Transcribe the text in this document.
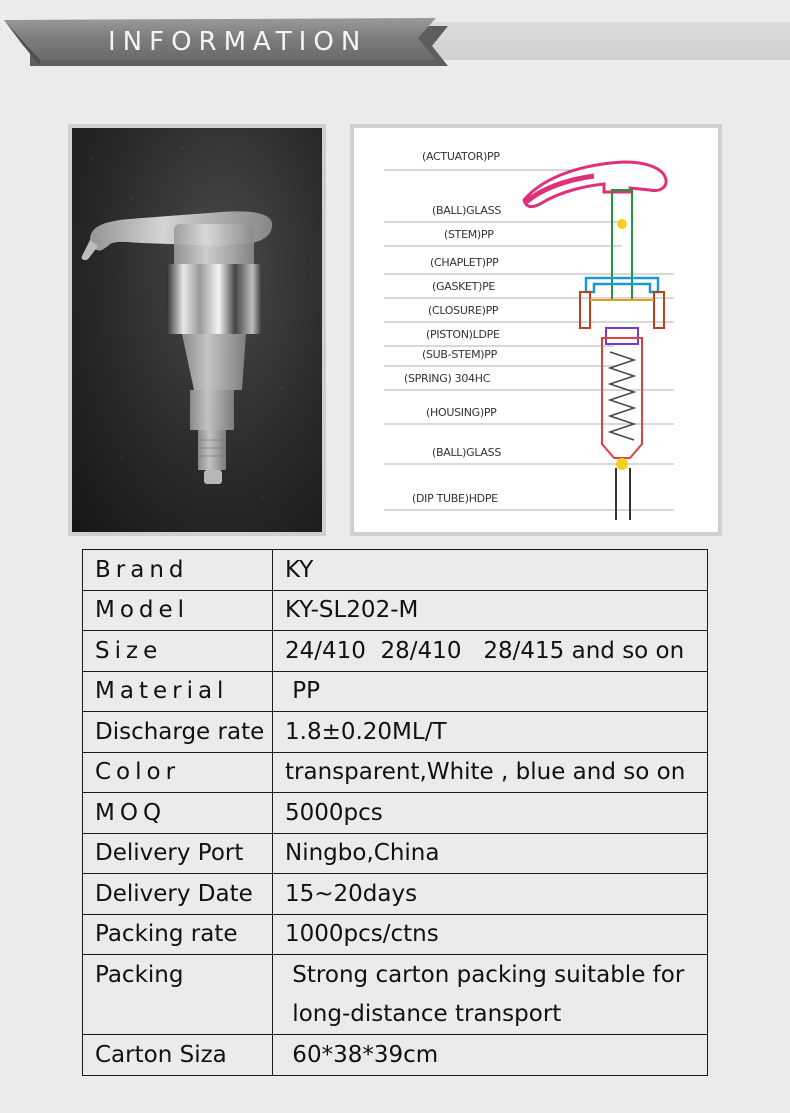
INFORMATION
(ACTUATOR)PP
(BALL)GLASS
(STEM)PP
(CHAPLET)PP
(GASKET)PE
(CLOSURE)PP
(PISTON)LDPE
(SUB-STEM)PP
(SPRING) 304HC
(HOUSING)PP
(BALL)GLASS
(DIP TUBE)HDPE
Brand	KY
Model	KY-SL202-M
Size	24/410  28/410   28/415 and so on
Material	PP
Discharge rate	1.8±0.20ML/T
Color	transparent,White , blue and so on
MOQ	5000pcs
Delivery Port	Ningbo,China
Delivery Date	15~20days
Packing rate	1000pcs/ctns
Packing	Strong carton packing suitable for
	long-distance transport
Carton Siza	60*38*39cm
